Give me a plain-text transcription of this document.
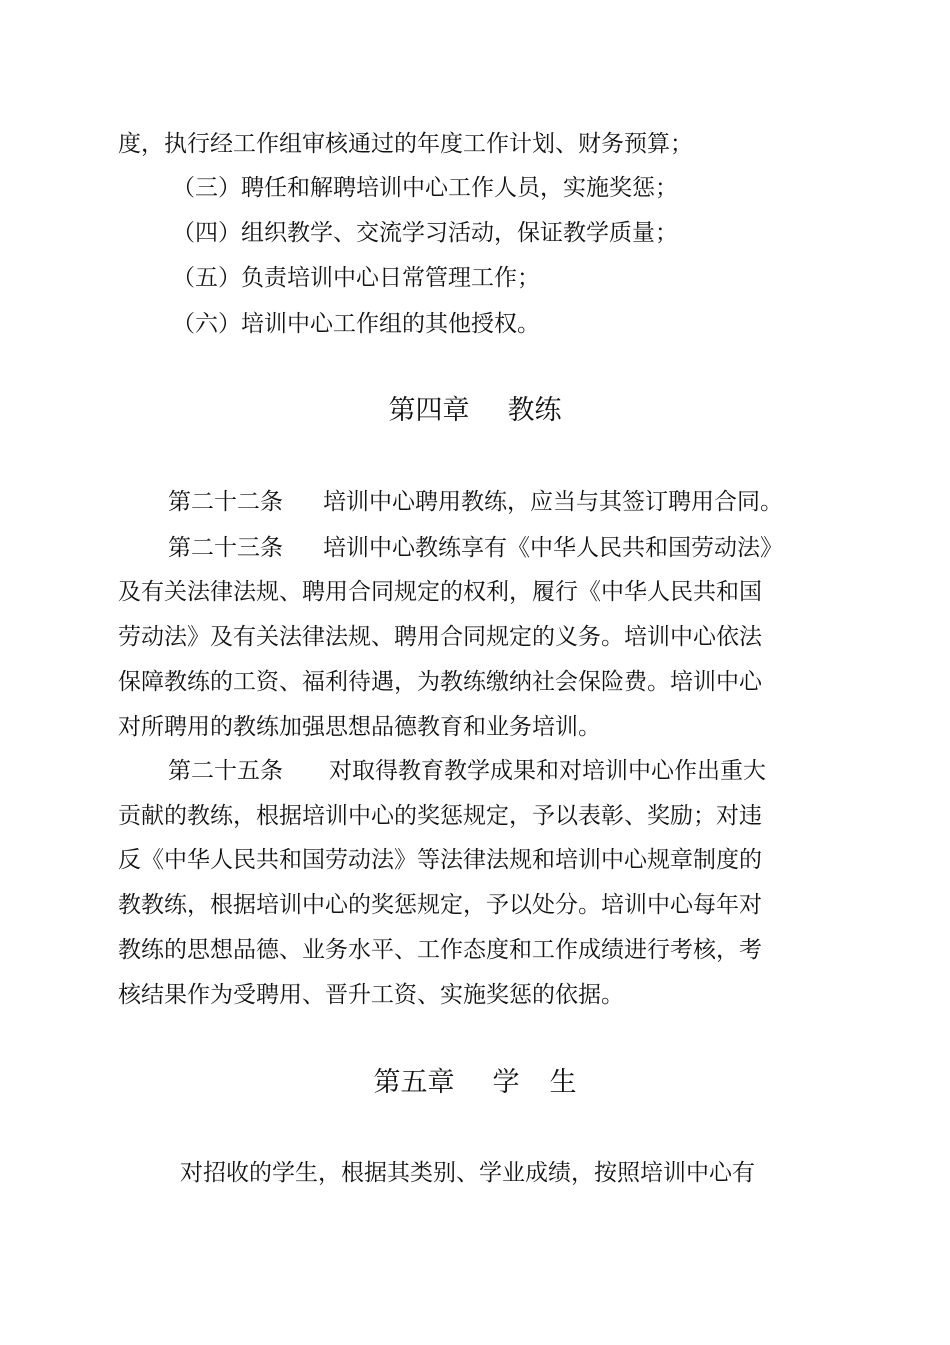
度，执行经工作组审核通过的年度工作计划、财务预算；
（三）聘任和解聘培训中心工作人员，实施奖惩；
（四）组织教学、交流学习活动，保证教学质量；
（五）负责培训中心日常管理工作；
（六）培训中心工作组的其他授权。
第四章 教练
第二十二条 培训中心聘用教练，应当与其签订聘用合同。
第二十三条 培训中心教练享有《中华人民共和国劳动法》
及有关法律法规、聘用合同规定的权利，履行《中华人民共和国
劳动法》及有关法律法规、聘用合同规定的义务。培训中心依法
保障教练的工资、福利待遇，为教练缴纳社会保险费。培训中心
对所聘用的教练加强思想品德教育和业务培训。
第二十五条 对取得教育教学成果和对培训中心作出重大
贡献的教练，根据培训中心的奖惩规定，予以表彰、奖励；对违
反《中华人民共和国劳动法》等法律法规和培训中心规章制度的
教教练，根据培训中心的奖惩规定，予以处分。培训中心每年对
教练的思想品德、业务水平、工作态度和工作成绩进行考核，考
核结果作为受聘用、晋升工资、实施奖惩的依据。
第五章 学 生
对招收的学生，根据其类别、学业成绩，按照培训中心有
